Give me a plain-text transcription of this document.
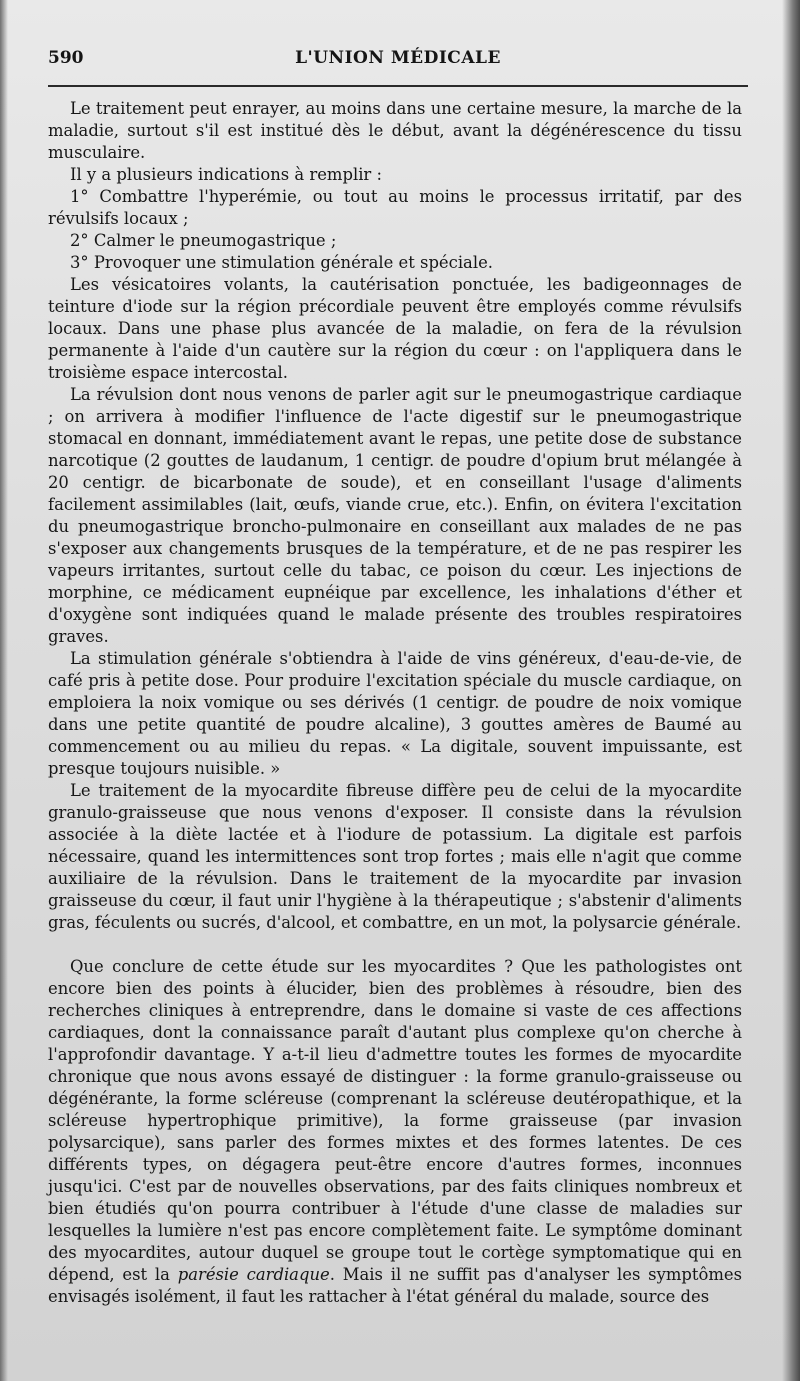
590	L'UNION MÉDICALE

Le traitement peut enrayer, au moins dans une certaine mesure, la marche de la maladie, surtout s'il est institué dès le début, avant la dégénérescence du tissu musculaire.

Il y a plusieurs indications à remplir :

1° Combattre l'hyperémie, ou tout au moins le processus irritatif, par des révulsifs locaux ;

2° Calmer le pneumogastrique ;

3° Provoquer une stimulation générale et spéciale.

Les vésicatoires volants, la cautérisation ponctuée, les badigeonnages de teinture d'iode sur la région précordiale peuvent être employés comme révulsifs locaux. Dans une phase plus avancée de la maladie, on fera de la révulsion permanente à l'aide d'un cautère sur la région du cœur : on l'appliquera dans le troisième espace intercostal.

La révulsion dont nous venons de parler agit sur le pneumogastrique cardiaque ; on arrivera à modifier l'influence de l'acte digestif sur le pneumogastrique stomacal en donnant, immédiatement avant le repas, une petite dose de substance narcotique (2 gouttes de laudanum, 1 centigr. de poudre d'opium brut mélangée à 20 centigr. de bicarbonate de soude), et en conseillant l'usage d'aliments facilement assimilables (lait, œufs, viande crue, etc.). Enfin, on évitera l'excitation du pneumogastrique broncho-pulmonaire en conseillant aux malades de ne pas s'exposer aux changements brusques de la température, et de ne pas respirer les vapeurs irritantes, surtout celle du tabac, ce poison du cœur. Les injections de morphine, ce médicament eupnéique par excellence, les inhalations d'éther et d'oxygène sont indiquées quand le malade présente des troubles respiratoires graves.

La stimulation générale s'obtiendra à l'aide de vins généreux, d'eau-de-vie, de café pris à petite dose. Pour produire l'excitation spéciale du muscle cardiaque, on emploiera la noix vomique ou ses dérivés (1 centigr. de poudre de noix vomique dans une petite quantité de poudre alcaline), 3 gouttes amères de Baumé au commencement ou au milieu du repas. « La digitale, souvent impuissante, est presque toujours nuisible. »

Le traitement de la myocardite fibreuse diffère peu de celui de la myocardite granulo-graisseuse que nous venons d'exposer. Il consiste dans la révulsion associée à la diète lactée et à l'iodure de potassium. La digitale est parfois nécessaire, quand les intermittences sont trop fortes ; mais elle n'agit que comme auxiliaire de la révulsion. Dans le traitement de la myocardite par invasion graisseuse du cœur, il faut unir l'hygiène à la thérapeutique ; s'abstenir d'aliments gras, féculents ou sucrés, d'alcool, et combattre, en un mot, la polysarcie générale.

Que conclure de cette étude sur les myocardites ? Que les pathologistes ont encore bien des points à élucider, bien des problèmes à résoudre, bien des recherches cliniques à entreprendre, dans le domaine si vaste de ces affections cardiaques, dont la connaissance paraît d'autant plus complexe qu'on cherche à l'approfondir davantage. Y a-t-il lieu d'admettre toutes les formes de myocardite chronique que nous avons essayé de distinguer : la forme granulo-graisseuse ou dégénérante, la forme scléreuse (comprenant la scléreuse deutéropathique, et la scléreuse hypertrophique primitive), la forme graisseuse (par invasion polysarcique), sans parler des formes mixtes et des formes latentes. De ces différents types, on dégagera peut-être encore d'autres formes, inconnues jusqu'ici. C'est par de nouvelles observations, par des faits cliniques nombreux et bien étudiés qu'on pourra contribuer à l'étude d'une classe de maladies sur lesquelles la lumière n'est pas encore complètement faite. Le symptôme dominant des myocardites, autour duquel se groupe tout le cortège symptomatique qui en dépend, est la parésie cardiaque. Mais il ne suffit pas d'analyser les symptômes envisagés isolément, il faut les rattacher à l'état général du malade, source des
